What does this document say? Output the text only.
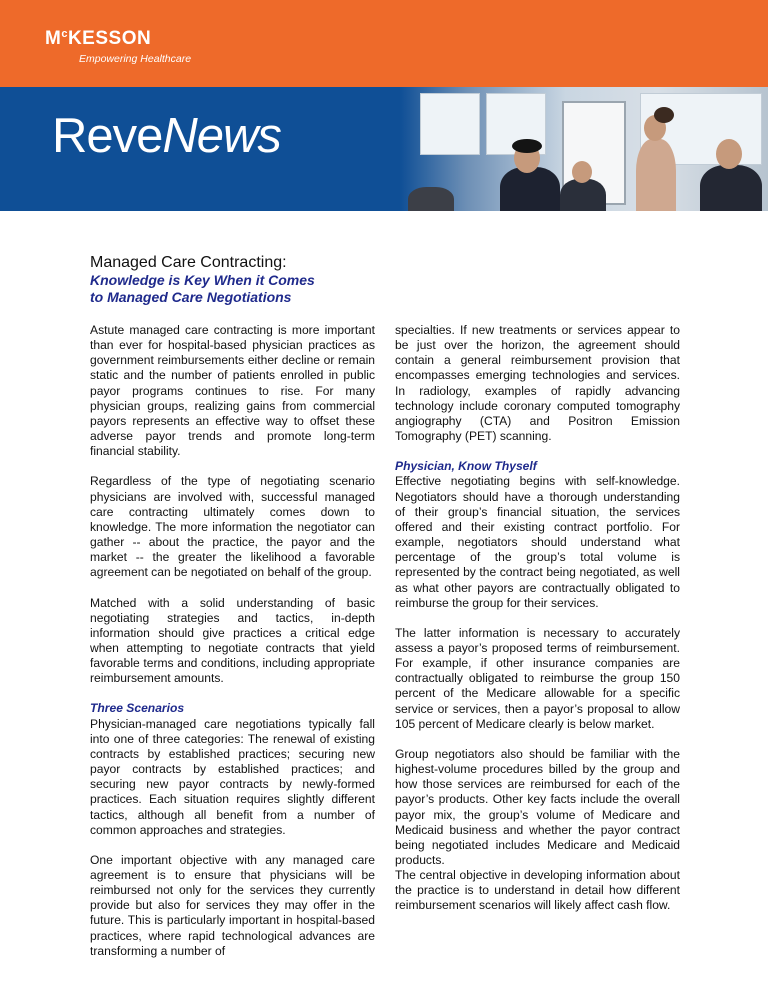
$M^cKESSON$
Empowering Healthcare
ReveNews
Managed Care Contracting:
Knowledge is Key When it Comes
to Managed Care Negotiations

Astute managed care contracting is more important than ever for hospital-based physician practices as government reimbursements either decline or remain static and the number of patients enrolled in public payor programs continues to rise. For many physician groups, realizing gains from commercial payors represents an effective way to offset these adverse payor trends and promote long-term financial stability.

Regardless of the type of negotiating scenario physicians are involved with, successful managed care contracting ultimately comes down to knowledge. The more information the negotiator can gather -- about the practice, the payor and the market -- the greater the likelihood a favorable agreement can be negotiated on behalf of the group.

Matched with a solid understanding of basic negotiating strategies and tactics, in-depth information should give practices a critical edge when attempting to negotiate contracts that yield favorable terms and conditions, including appropriate reimbursement amounts.

Three Scenarios
Physician-managed care negotiations typically fall into one of three categories: The renewal of existing contracts by established practices; securing new payor contracts by established practices; and securing new payor contracts by newly-formed practices. Each situation requires slightly different tactics, although all benefit from a number of common approaches and strategies.

One important objective with any managed care agreement is to ensure that physicians will be reimbursed not only for the services they currently provide but also for services they may offer in the future. This is particularly important in hospital-based practices, where rapid technological advances are transforming a number of

specialties. If new treatments or services appear to be just over the horizon, the agreement should contain a general reimbursement provision that encompasses emerging technologies and services. In radiology, examples of rapidly advancing technology include coronary computed tomography angiography (CTA) and Positron Emission Tomography (PET) scanning.

Physician, Know Thyself
Effective negotiating begins with self-knowledge. Negotiators should have a thorough understanding of their group’s financial situation, the services offered and their existing contract portfolio. For example, negotiators should understand what percentage of the group’s total volume is represented by the contract being negotiated, as well as what other payors are contractually obligated to reimburse the group for their services.

The latter information is necessary to accurately assess a payor’s proposed terms of reimbursement. For example, if other insurance companies are contractually obligated to reimburse the group 150 percent of the Medicare allowable for a specific service or services, then a payor’s proposal to allow 105 percent of Medicare clearly is below market.

Group negotiators also should be familiar with the highest-volume procedures billed by the group and how those services are reimbursed for each of the payor’s products. Other key facts include the overall payor mix, the group’s volume of Medicare and Medicaid business and whether the payor contract being negotiated includes Medicare and Medicaid products.

The central objective in developing information about the practice is to understand in detail how different reimbursement scenarios will likely affect cash flow.
